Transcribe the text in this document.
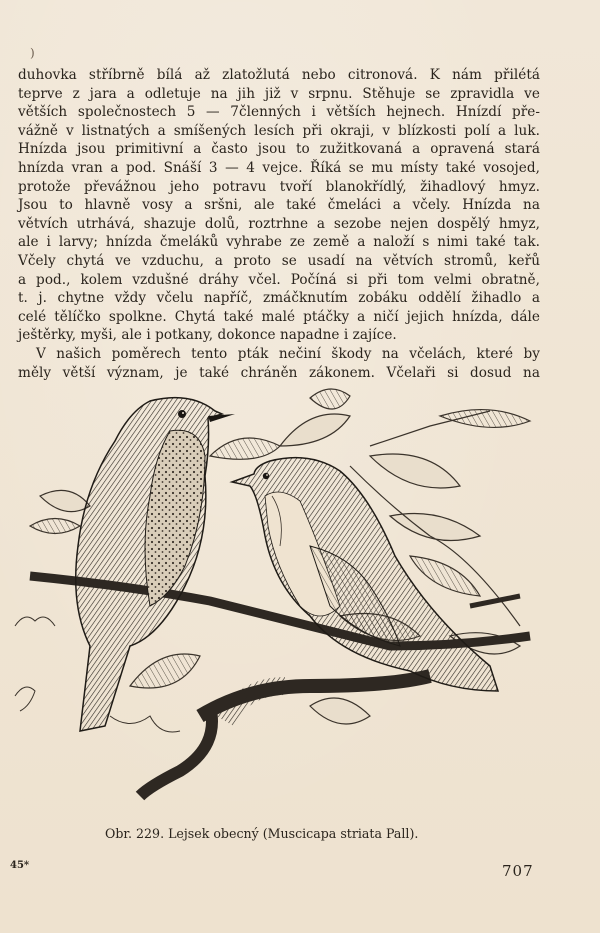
)
duhovka stříbrně bílá až zlatožlutá nebo citronová. K nám přilétá
teprve z jara a odletuje na jih již v srpnu. Stěhuje se zpravidla ve
větších společnostech 5 — 7členných i větších hejnech. Hnízdí pře-
vážně v listnatých a smíšených lesích při okraji, v blízkosti polí a luk.
Hnízda jsou primitivní a často jsou to zužitkovaná a opravená stará
hnízda vran a pod. Snáší 3 — 4 vejce. Říká se mu místy také vosojed,
protože převážnou jeho potravu tvoří blanokřídlý, žihadlový hmyz.
Jsou to hlavně vosy a sršni, ale také čmeláci a včely. Hnízda na
větvích utrhává, shazuje dolů, roztrhne a sezobe nejen dospělý hmyz,
ale i larvy; hnízda čmeláků vyhrabe ze země a naloží s nimi také tak.
Včely chytá ve vzduchu, a proto se usadí na větvích stromů, keřů
a pod., kolem vzdušné dráhy včel. Počíná si při tom velmi obratně,
t. j. chytne vždy včelu napříč, zmáčknutím zobáku oddělí žihadlo a
celé tělíčko spolkne. Chytá také malé ptáčky a ničí jejich hnízda, dále
ještěrky, myši, ale i potkany, dokonce napadne i zajíce.
V našich poměrech tento pták nečiní škody na včelách, které by
měly větší význam, je také chráněn zákonem. Včelaři si dosud na
Obr. 229. Lejsek obecný (Muscicapa striata Pall).
45*	707
